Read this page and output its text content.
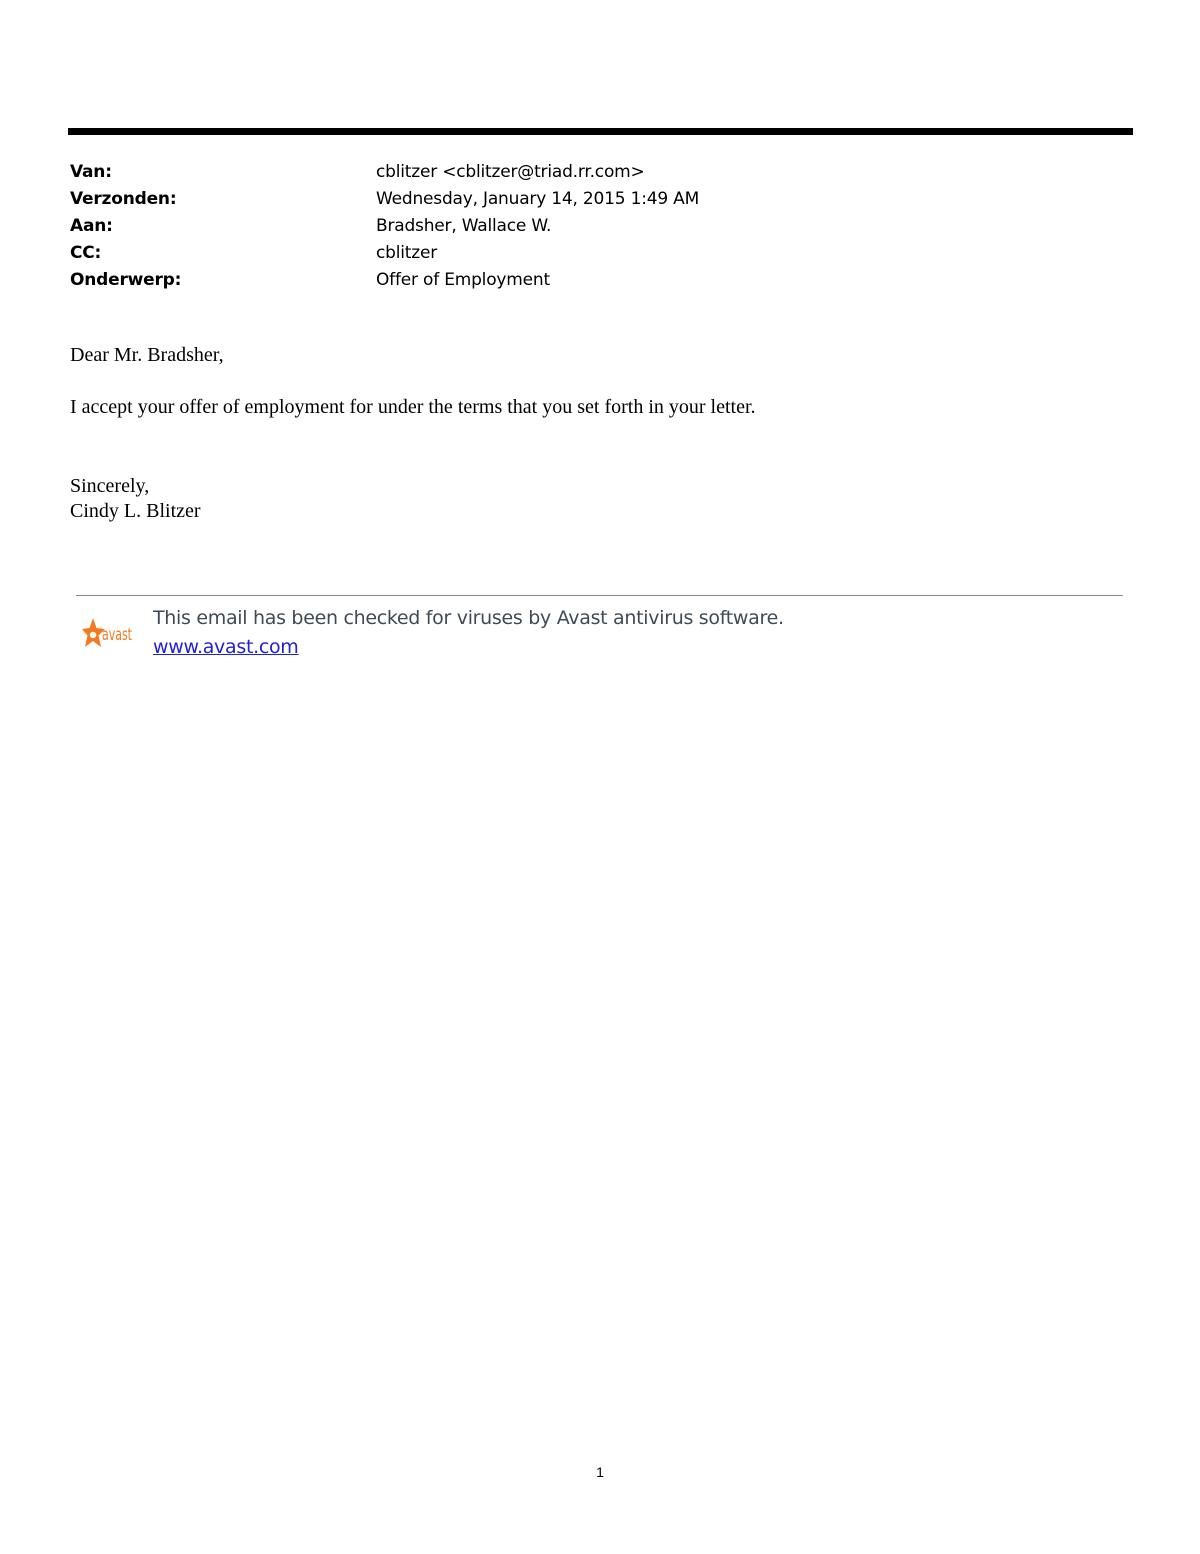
Van:	cblitzer <cblitzer@triad.rr.com>
Verzonden:	Wednesday, January 14, 2015 1:49 AM
Aan:	Bradsher, Wallace W.
CC:	cblitzer
Onderwerp:	Offer of Employment
Dear Mr. Bradsher,
I accept your offer of employment for under the terms that you set forth in your letter.
Sincerely,
Cindy L. Blitzer
avast
This email has been checked for viruses by Avast antivirus software.
www.avast.com
1
